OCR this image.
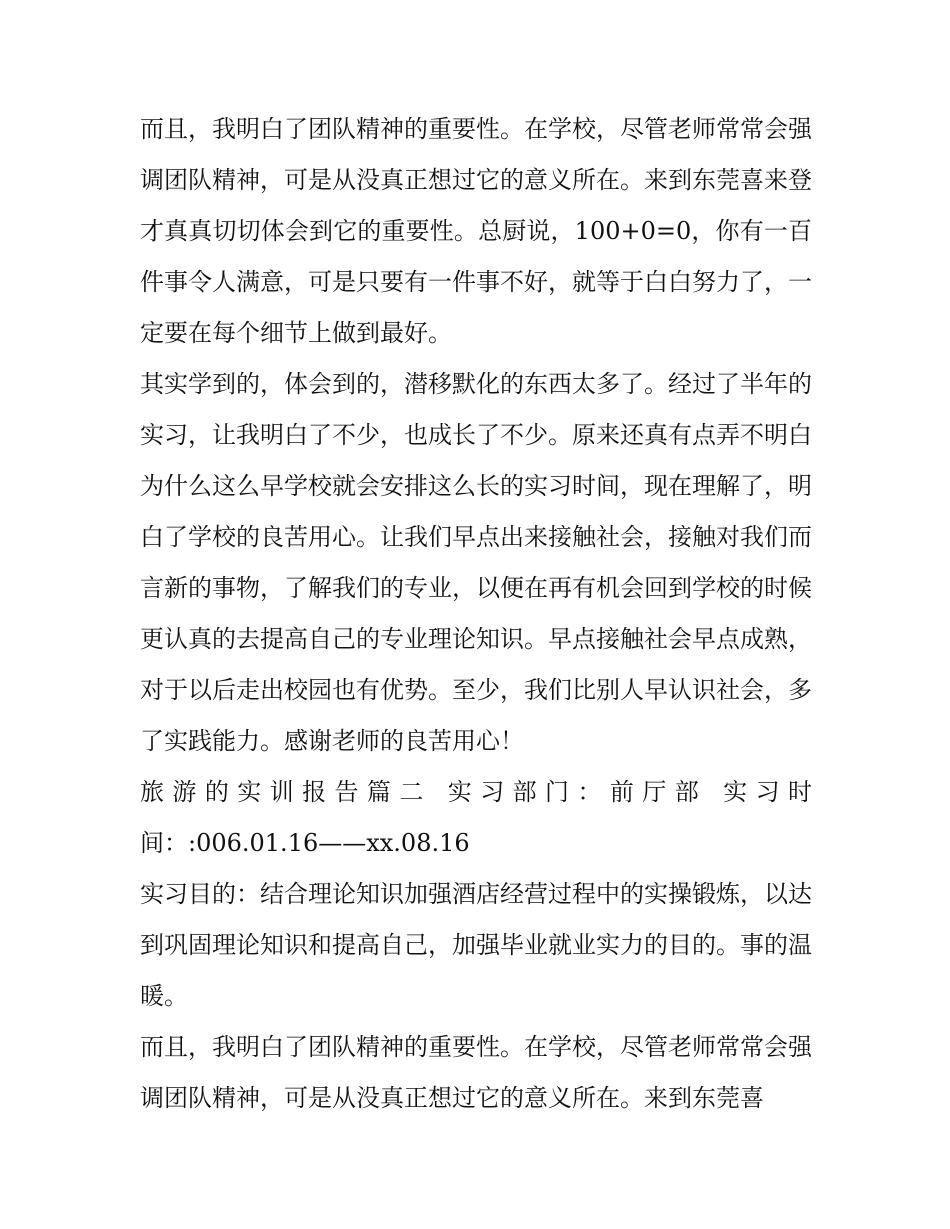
而且，我明白了团队精神的重要性。在学校，尽管老师常常会强调团队精神，可是从没真正想过它的意义所在。来到东莞喜来登才真真切切体会到它的重要性。总厨说，100+0=0，你有一百件事令人满意，可是只要有一件事不好，就等于白白努力了，一定要在每个细节上做到最好。

其实学到的，体会到的，潜移默化的东西太多了。经过了半年的实习，让我明白了不少，也成长了不少。原来还真有点弄不明白为什么这么早学校就会安排这么长的实习时间，现在理解了，明白了学校的良苦用心。让我们早点出来接触社会，接触对我们而言新的事物，了解我们的专业，以便在再有机会回到学校的时候更认真的去提高自己的专业理论知识。早点接触社会早点成熟，对于以后走出校园也有优势。至少，我们比别人早认识社会，多了实践能力。感谢老师的良苦用心！

旅游的实训报告篇二 实习部门：前厅部 实习时间：:006.01.16——xx.08.16

实习目的：结合理论知识加强酒店经营过程中的实操锻炼，以达到巩固理论知识和提高自己，加强毕业就业实力的目的。事的温暖。

而且，我明白了团队精神的重要性。在学校，尽管老师常常会强调团队精神，可是从没真正想过它的意义所在。来到东莞喜
